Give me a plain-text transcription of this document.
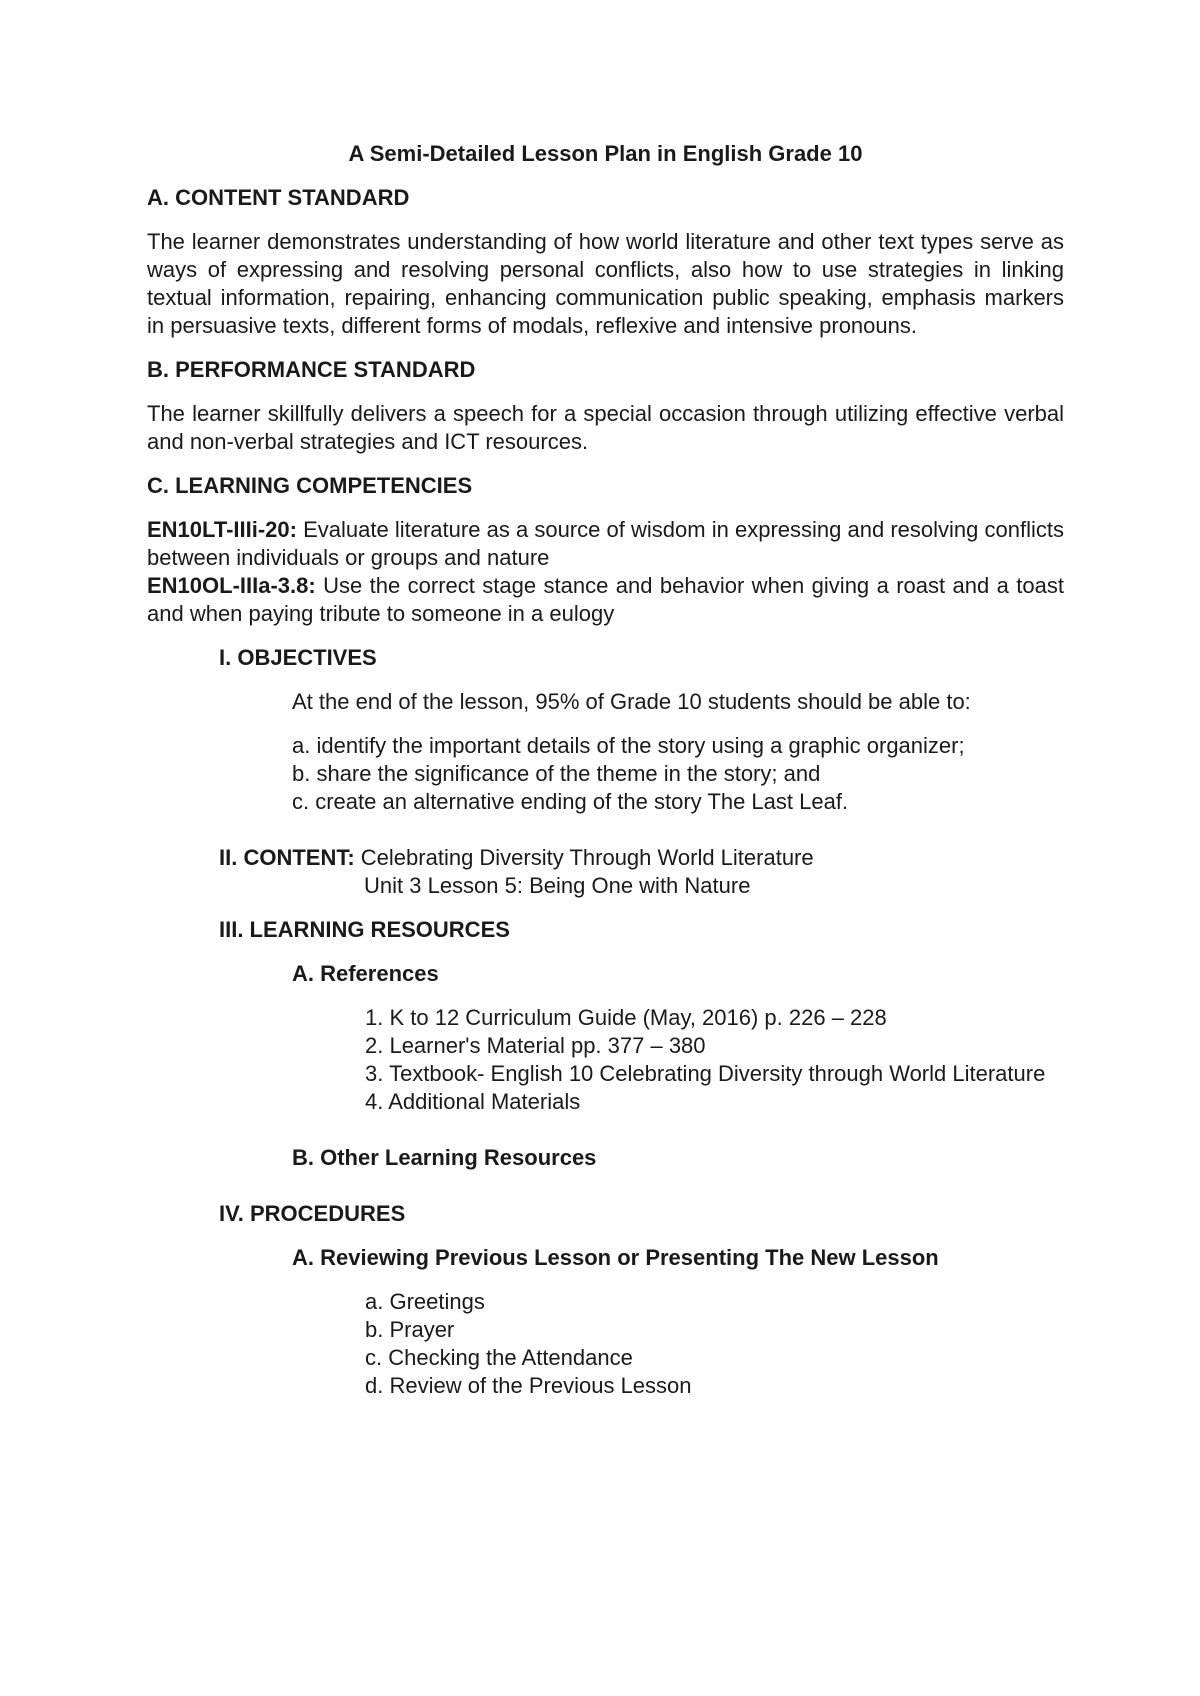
A Semi-Detailed Lesson Plan in English Grade 10

A. CONTENT STANDARD

The learner demonstrates understanding of how world literature and other text types serve as ways of expressing and resolving personal conflicts, also how to use strategies in linking textual information, repairing, enhancing communication public speaking, emphasis markers in persuasive texts, different forms of modals, reflexive and intensive pronouns.

B. PERFORMANCE STANDARD

The learner skillfully delivers a speech for a special occasion through utilizing effective verbal and non-verbal strategies and ICT resources.

C. LEARNING COMPETENCIES

EN10LT-IIIi-20: Evaluate literature as a source of wisdom in expressing and resolving conflicts between individuals or groups and nature

EN10OL-IIIa-3.8: Use the correct stage stance and behavior when giving a roast and a toast and when paying tribute to someone in a eulogy

I. OBJECTIVES

At the end of the lesson, 95% of Grade 10 students should be able to:

a. identify the important details of the story using a graphic organizer;
b. share the significance of the theme in the story; and
c. create an alternative ending of the story The Last Leaf.

II. CONTENT: Celebrating Diversity Through World Literature

Unit 3 Lesson 5: Being One with Nature

III. LEARNING RESOURCES

A. References

1. K to 12 Curriculum Guide (May, 2016) p. 226 – 228
2. Learner's Material pp. 377 – 380
3. Textbook- English 10 Celebrating Diversity through World Literature
4. Additional Materials

B. Other Learning Resources

IV. PROCEDURES

A. Reviewing Previous Lesson or Presenting The New Lesson

a. Greetings
b. Prayer
c. Checking the Attendance
d. Review of the Previous Lesson
